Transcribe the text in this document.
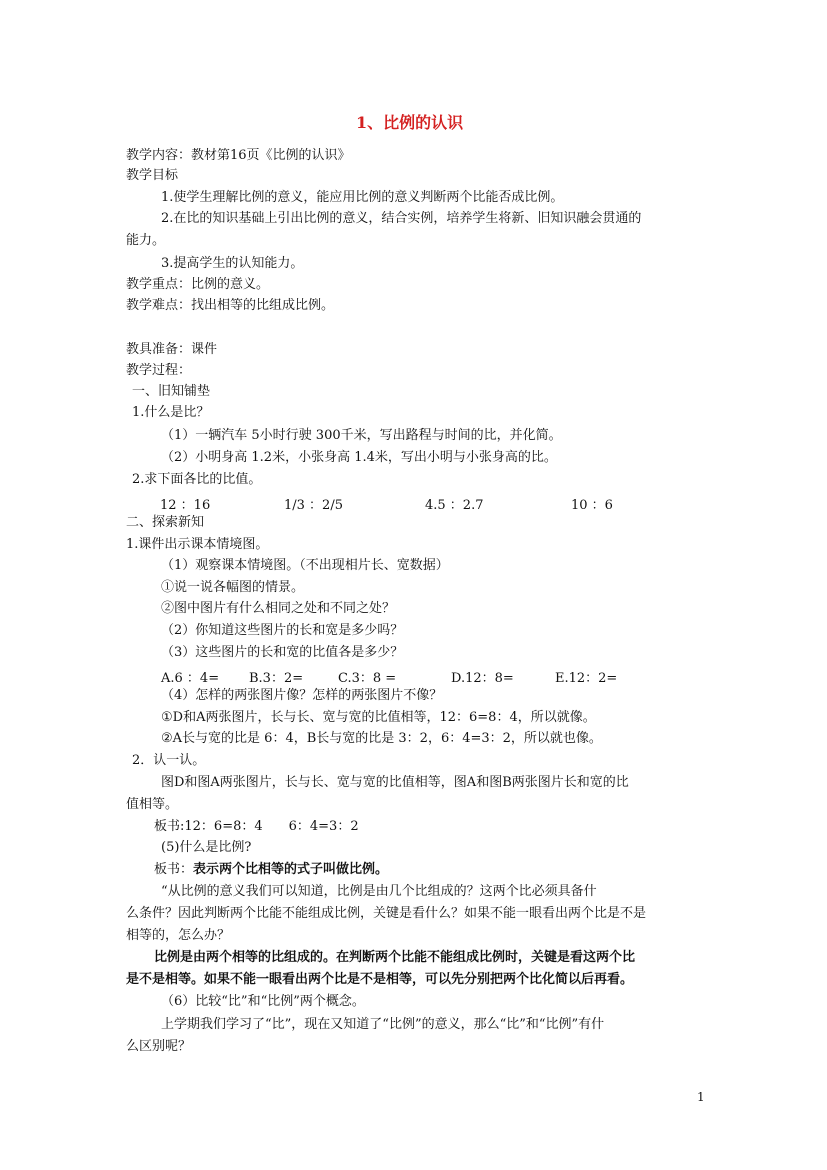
1、比例的认识
教学内容：教材第16页《比例的认识》
教学目标
1.使学生理解比例的意义，能应用比例的意义判断两个比能否成比例。
2.在比的知识基础上引出比例的意义，结合实例，培养学生将新、旧知识融会贯通的
能力。
3.提高学生的认知能力。
教学重点：比例的意义。
教学难点：找出相等的比组成比例。
教具准备：课件
教学过程：
一、旧知铺垫
1.什么是比？
（1）一辆汽车 5小时行驶 300千米，写出路程与时间的比，并化简。
（2）小明身高 1.2米，小张身高 1.4米，写出小明与小张身高的比。
2.求下面各比的比值。
12 ：16	1/3 ：2/5	4.5 ：2.7	10 ：6
二、探索新知
1.课件出示课本情境图。
（1）观察课本情境图。（不出现相片长、宽数据）
①说一说各幅图的情景。
②图中图片有什么相同之处和不同之处？
（2）你知道这些图片的长和宽是多少吗？
（3）这些图片的长和宽的比值各是多少？
A.6 ：4= B.3：2=	C.3：8 =	D.12：8=	E.12：2=
（4）怎样的两张图片像？怎样的两张图片不像？
①D和A两张图片，长与长、宽与宽的比值相等，12：6=8：4，所以就像。
②A长与宽的比是 6：4，B长与宽的比是 3：2，6：4=3：2，所以就也像。
2．认一认。
图D和图A两张图片，长与长、宽与宽的比值相等，图A和图B两张图片长和宽的比
值相等。
板书:12：6=8：4　　6：4=3：2
(5)什么是比例?
板书：表示两个比相等的式子叫做比例。
“从比例的意义我们可以知道，比例是由几个比组成的？这两个比必须具备什
么条件？因此判断两个比能不能组成比例，关键是看什么？如果不能一眼看出两个比是不是
相等的，怎么办？
比例是由两个相等的比组成的。在判断两个比能不能组成比例时，关键是看这两个比
是不是相等。如果不能一眼看出两个比是不是相等，可以先分别把两个比化简以后再看。
（6）比较“比”和“比例”两个概念。
上学期我们学习了“比”，现在又知道了“比例”的意义，那么“比”和“比例”有什
么区别呢？
1
